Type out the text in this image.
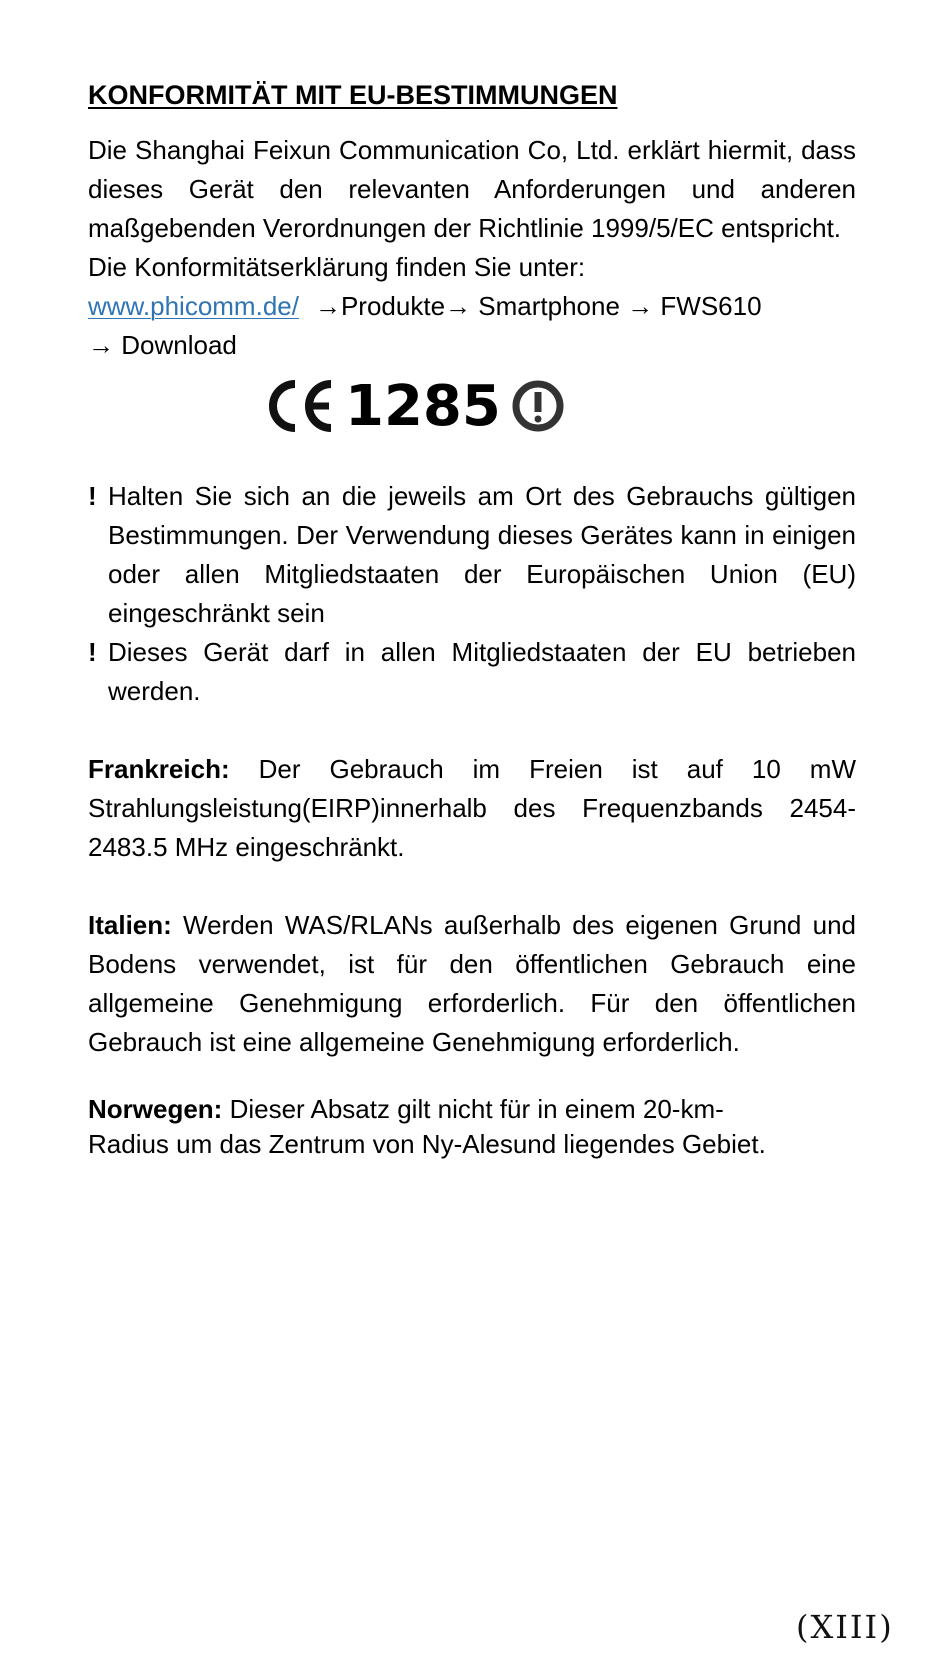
KONFORMITÄT MIT EU-BESTIMMUNGEN

Die Shanghai Feixun Communication Co, Ltd. erklärt hiermit, dass dieses Gerät den relevanten Anforderungen und anderen maßgebenden Verordnungen der Richtlinie 1999/5/EC entspricht.

Die Konformitätserklärung finden Sie unter:

www.phicomm.de/ →Produkte→ Smartphone → FWS610

→ Download

1285
! Halten Sie sich an die jeweils am Ort des Gebrauchs gültigen Bestimmungen. Der Verwendung dieses Gerätes kann in einigen oder allen Mitgliedstaaten der Europäischen Union (EU) eingeschränkt sein
! Dieses Gerät darf in allen Mitgliedstaaten der EU betrieben werden.

Frankreich: Der Gebrauch im Freien ist auf 10 mW Strahlungsleistung(EIRP)innerhalb des Frequenzbands 2454-2483.5 MHz eingeschränkt.

Italien: Werden WAS/RLANs außerhalb des eigenen Grund und Bodens verwendet, ist für den öffentlichen Gebrauch eine allgemeine Genehmigung erforderlich. Für den öffentlichen Gebrauch ist eine allgemeine Genehmigung erforderlich.

Norwegen: Dieser Absatz gilt nicht für in einem 20-km-

Radius um das Zentrum von Ny-Alesund liegendes Gebiet.

(XIII)
